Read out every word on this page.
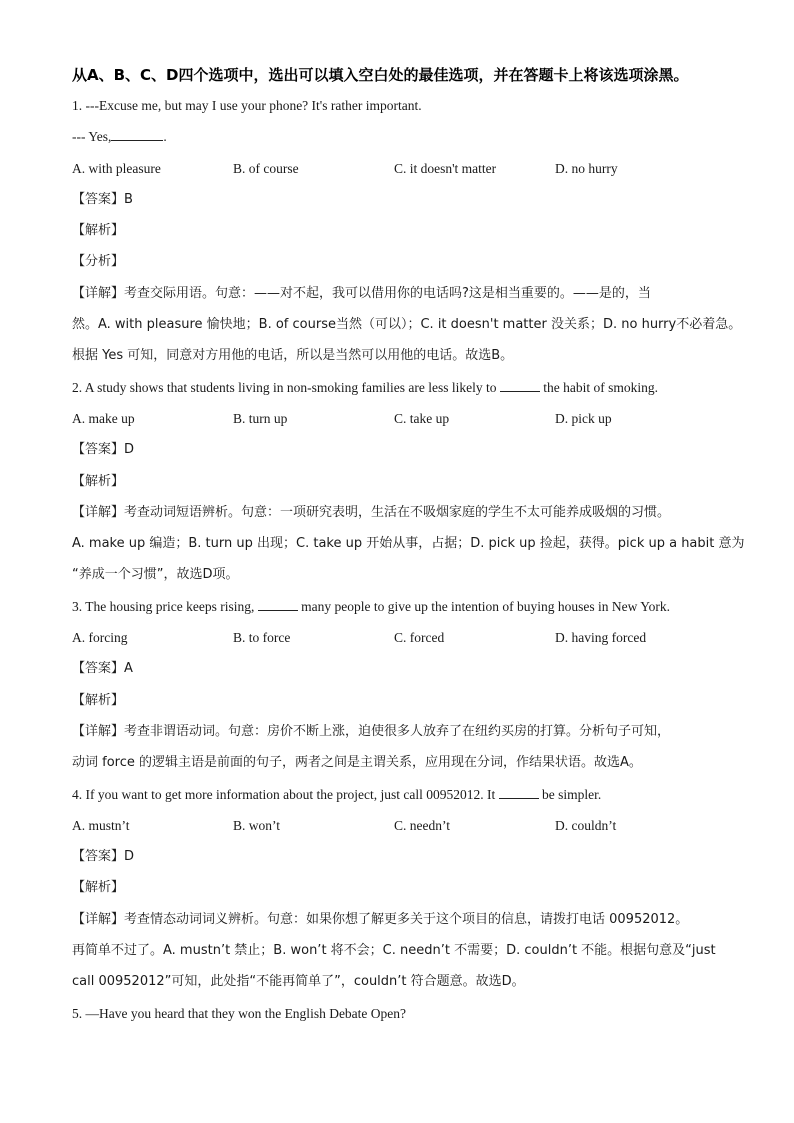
从A、B、C、D四个选项中，选出可以填入空白处的最佳选项，并在答题卡上将该选项涂黑。
1. ---Excuse me, but may I use your phone? It's rather important.
--- Yes,	.
A. with pleasure	B. of course	C. it doesn't matter	D. no hurry
【答案】B
【解析】
【分析】
【详解】考查交际用语。句意：——对不起，我可以借用你的电话吗?这是相当重要的。——是的，当
然。A. with pleasure 愉快地；B. of course当然（可以）；C. it doesn't matter 没关系；D. no hurry不必着急。
根据 Yes 可知，同意对方用他的电话，所以是当然可以用他的电话。故选B。
2. A study shows that students living in non-smoking families are less likely to	the habit of smoking.
A. make up	B. turn up	C. take up	D. pick up
【答案】D
【解析】
【详解】考查动词短语辨析。句意：一项研究表明，生活在不吸烟家庭的学生不太可能养成吸烟的习惯。
A. make up 编造；B. turn up 出现；C. take up 开始从事，占据；D. pick up 捡起，获得。pick up a habit 意为
“养成一个习惯”，故选D项。
3. The housing price keeps rising,	many people to give up the intention of buying houses in New York.
A. forcing	B. to force	C. forced	D. having forced
【答案】A
【解析】
【详解】考查非谓语动词。句意：房价不断上涨，迫使很多人放弃了在纽约买房的打算。分析句子可知，
动词 force 的逻辑主语是前面的句子，两者之间是主谓关系，应用现在分词，作结果状语。故选A。
4. If you want to get more information about the project, just call 00952012. It	be simpler.
A. mustn’t	B. won’t	C. needn’t	D. couldn’t
【答案】D
【解析】
【详解】考查情态动词词义辨析。句意：如果你想了解更多关于这个项目的信息，请拨打电话 00952012。
再简单不过了。A. mustn’t 禁止；B. won’t 将不会；C. needn’t 不需要；D. couldn’t 不能。根据句意及“just
call 00952012”可知，此处指“不能再简单了”，couldn’t 符合题意。故选D。
5. —Have you heard that they won the English Debate Open?
